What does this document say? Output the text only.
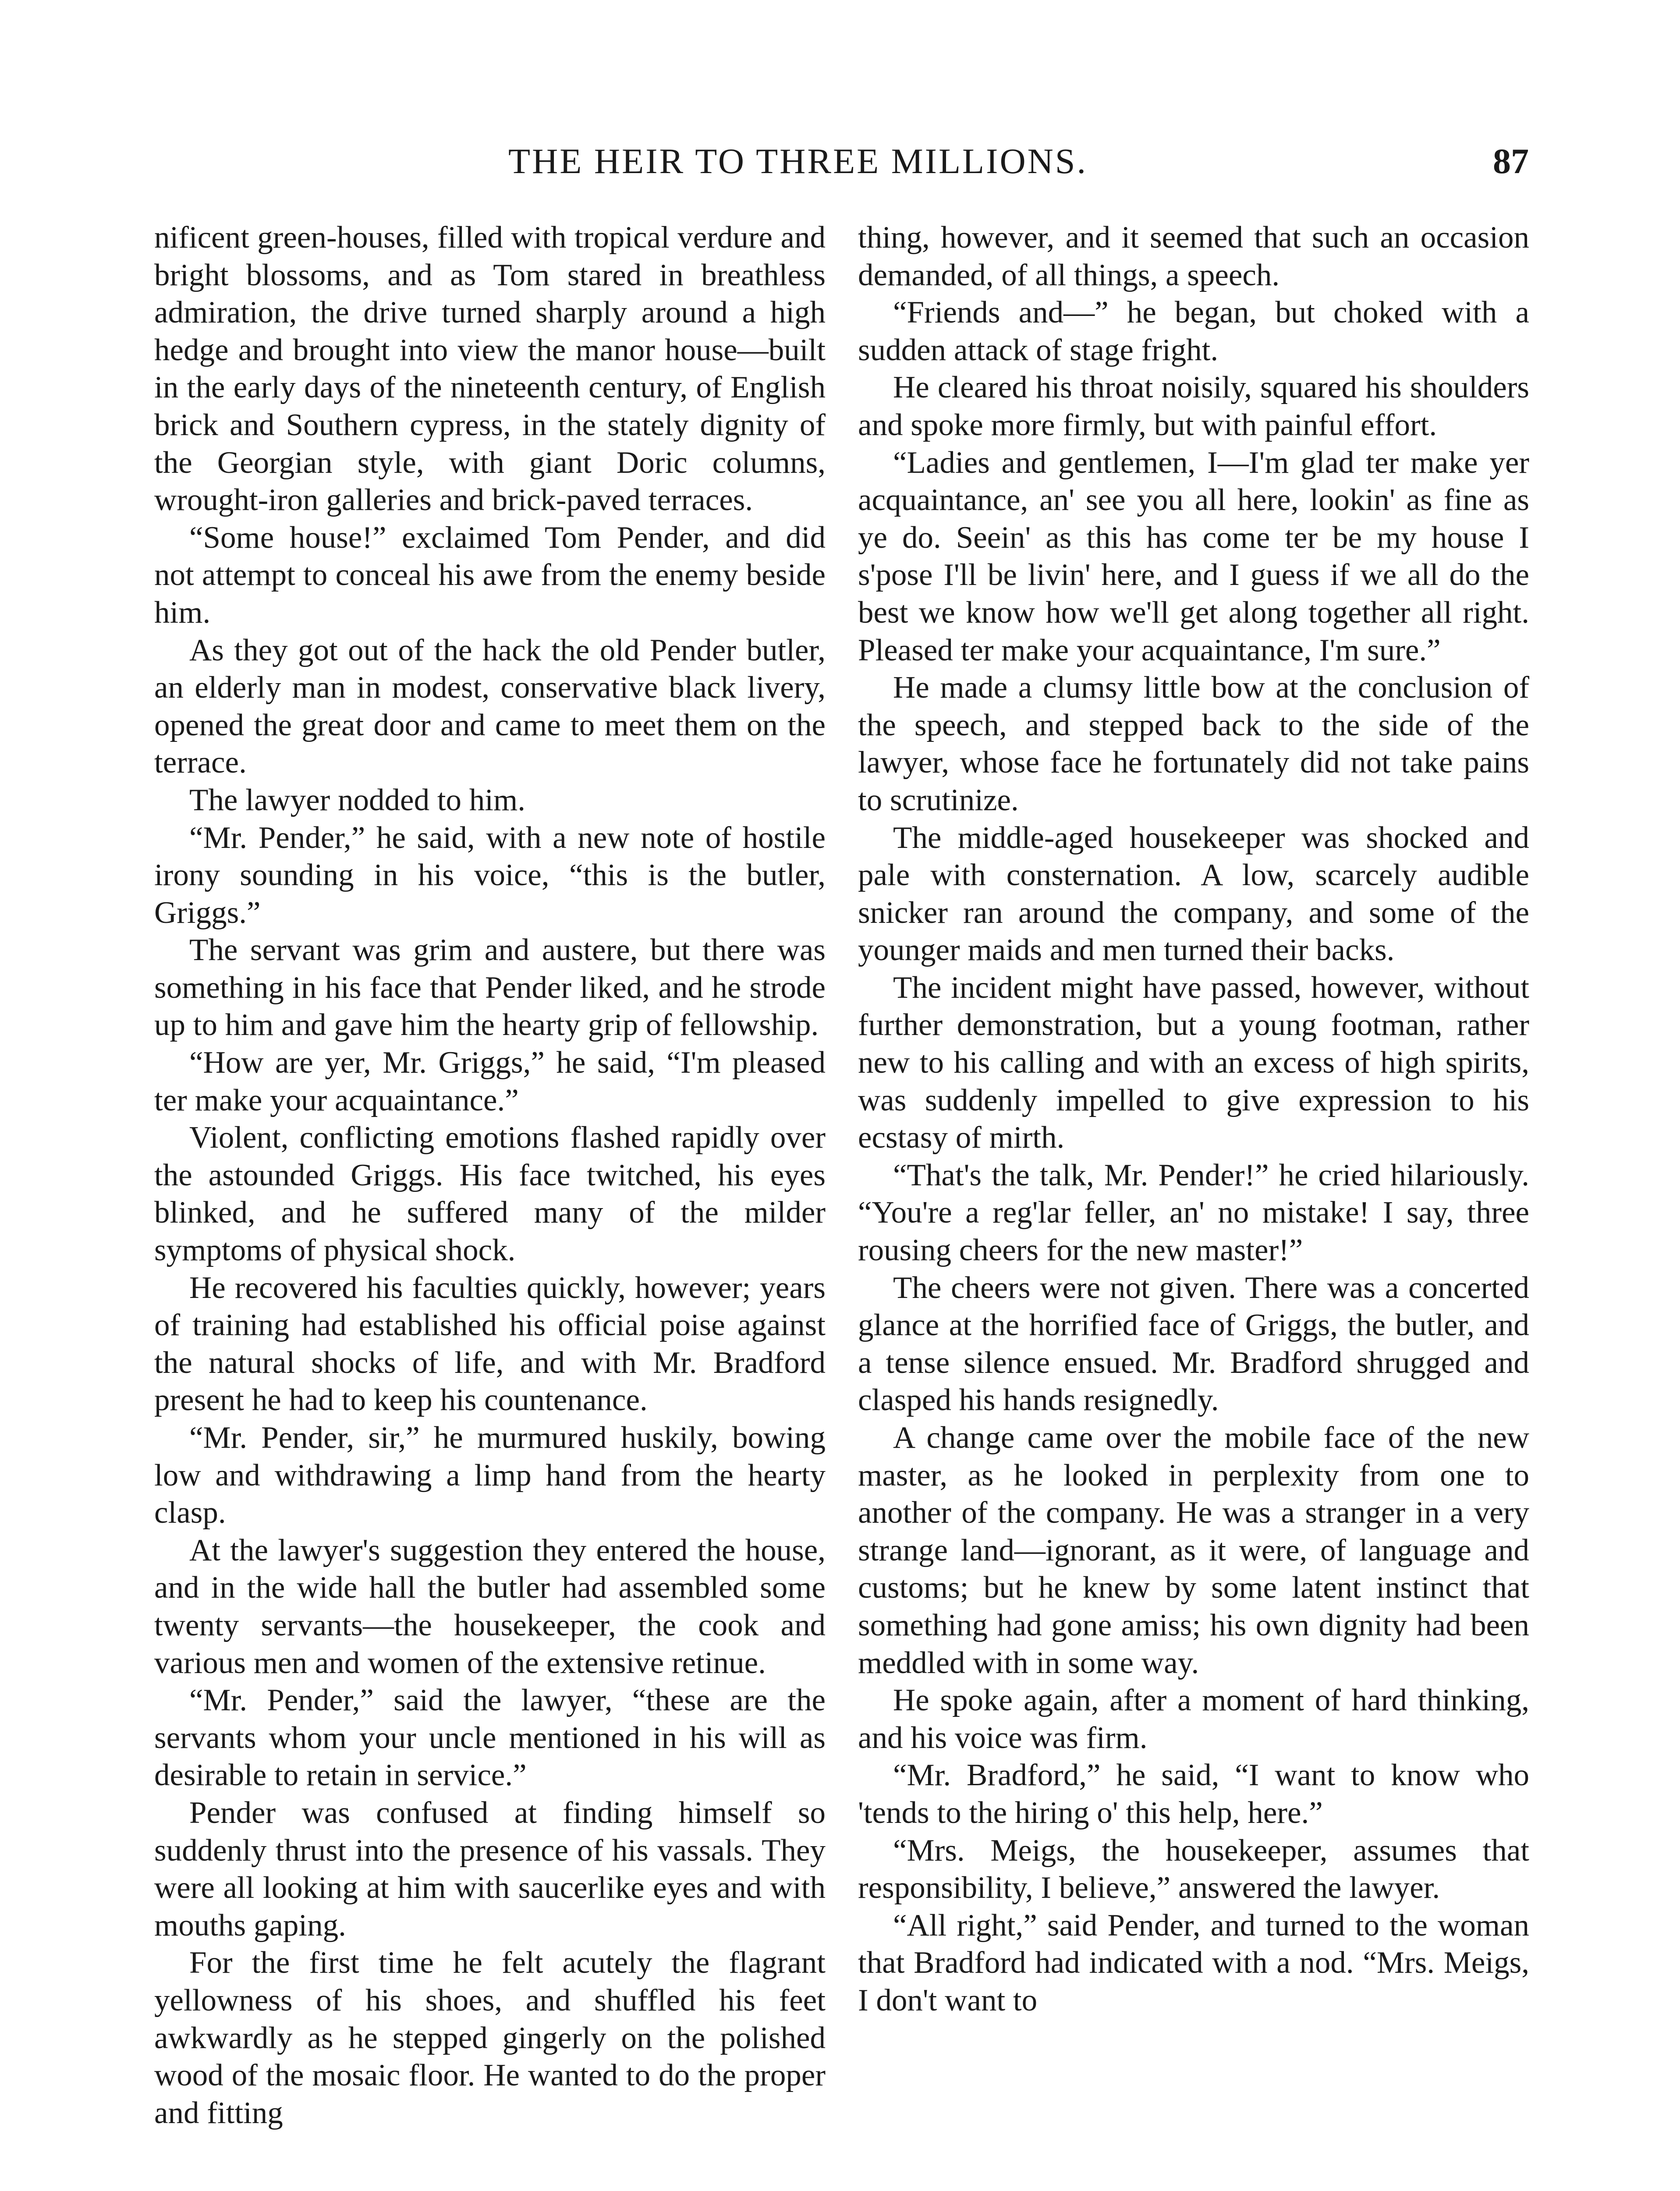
THE HEIR TO THREE MILLIONS.	87

nificent green-houses, filled with tropical verdure and bright blossoms, and as Tom stared in breathless admiration, the drive turned sharply around a high hedge and brought into view the manor house—built in the early days of the nineteenth century, of English brick and Southern cypress, in the stately dignity of the Georgian style, with giant Doric columns, wrought-iron galleries and brick-paved terraces.

“Some house!” exclaimed Tom Pender, and did not attempt to conceal his awe from the enemy beside him.

As they got out of the hack the old Pender butler, an elderly man in modest, conservative black livery, opened the great door and came to meet them on the terrace.

The lawyer nodded to him.

“Mr. Pender,” he said, with a new note of hostile irony sounding in his voice, “this is the butler, Griggs.”

The servant was grim and austere, but there was something in his face that Pender liked, and he strode up to him and gave him the hearty grip of fellowship.

“How are yer, Mr. Griggs,” he said, “I'm pleased ter make your acquaintance.”

Violent, conflicting emotions flashed rapidly over the astounded Griggs. His face twitched, his eyes blinked, and he suffered many of the milder symptoms of physical shock.

He recovered his faculties quickly, however; years of training had established his official poise against the natural shocks of life, and with Mr. Bradford present he had to keep his countenance.

“Mr. Pender, sir,” he murmured huskily, bowing low and withdrawing a limp hand from the hearty clasp.

At the lawyer's suggestion they entered the house, and in the wide hall the butler had assembled some twenty servants—the housekeeper, the cook and various men and women of the extensive retinue.

“Mr. Pender,” said the lawyer, “these are the servants whom your uncle mentioned in his will as desirable to retain in service.”

Pender was confused at finding himself so suddenly thrust into the presence of his vassals. They were all looking at him with saucerlike eyes and with mouths gaping.

For the first time he felt acutely the flagrant yellowness of his shoes, and shuffled his feet awkwardly as he stepped gingerly on the polished wood of the mosaic floor. He wanted to do the proper and fitting

thing, however, and it seemed that such an occasion demanded, of all things, a speech.

“Friends and—” he began, but choked with a sudden attack of stage fright.

He cleared his throat noisily, squared his shoulders and spoke more firmly, but with painful effort.

“Ladies and gentlemen, I—I'm glad ter make yer acquaintance, an' see you all here, lookin' as fine as ye do. Seein' as this has come ter be my house I s'pose I'll be livin' here, and I guess if we all do the best we know how we'll get along together all right. Pleased ter make your acquaintance, I'm sure.”

He made a clumsy little bow at the conclusion of the speech, and stepped back to the side of the lawyer, whose face he fortunately did not take pains to scrutinize.

The middle-aged housekeeper was shocked and pale with consternation. A low, scarcely audible snicker ran around the company, and some of the younger maids and men turned their backs.

The incident might have passed, however, without further demonstration, but a young footman, rather new to his calling and with an excess of high spirits, was suddenly impelled to give expression to his ecstasy of mirth.

“That's the talk, Mr. Pender!” he cried hilariously. “You're a reg'lar feller, an' no mistake! I say, three rousing cheers for the new master!”

The cheers were not given. There was a concerted glance at the horrified face of Griggs, the butler, and a tense silence ensued. Mr. Bradford shrugged and clasped his hands resignedly.

A change came over the mobile face of the new master, as he looked in perplexity from one to another of the company. He was a stranger in a very strange land—ignorant, as it were, of language and customs; but he knew by some latent instinct that something had gone amiss; his own dignity had been meddled with in some way.

He spoke again, after a moment of hard thinking, and his voice was firm.

“Mr. Bradford,” he said, “I want to know who 'tends to the hiring o' this help, here.”

“Mrs. Meigs, the housekeeper, assumes that responsibility, I believe,” answered the lawyer.

“All right,” said Pender, and turned to the woman that Bradford had indicated with a nod. “Mrs. Meigs, I don't want to
